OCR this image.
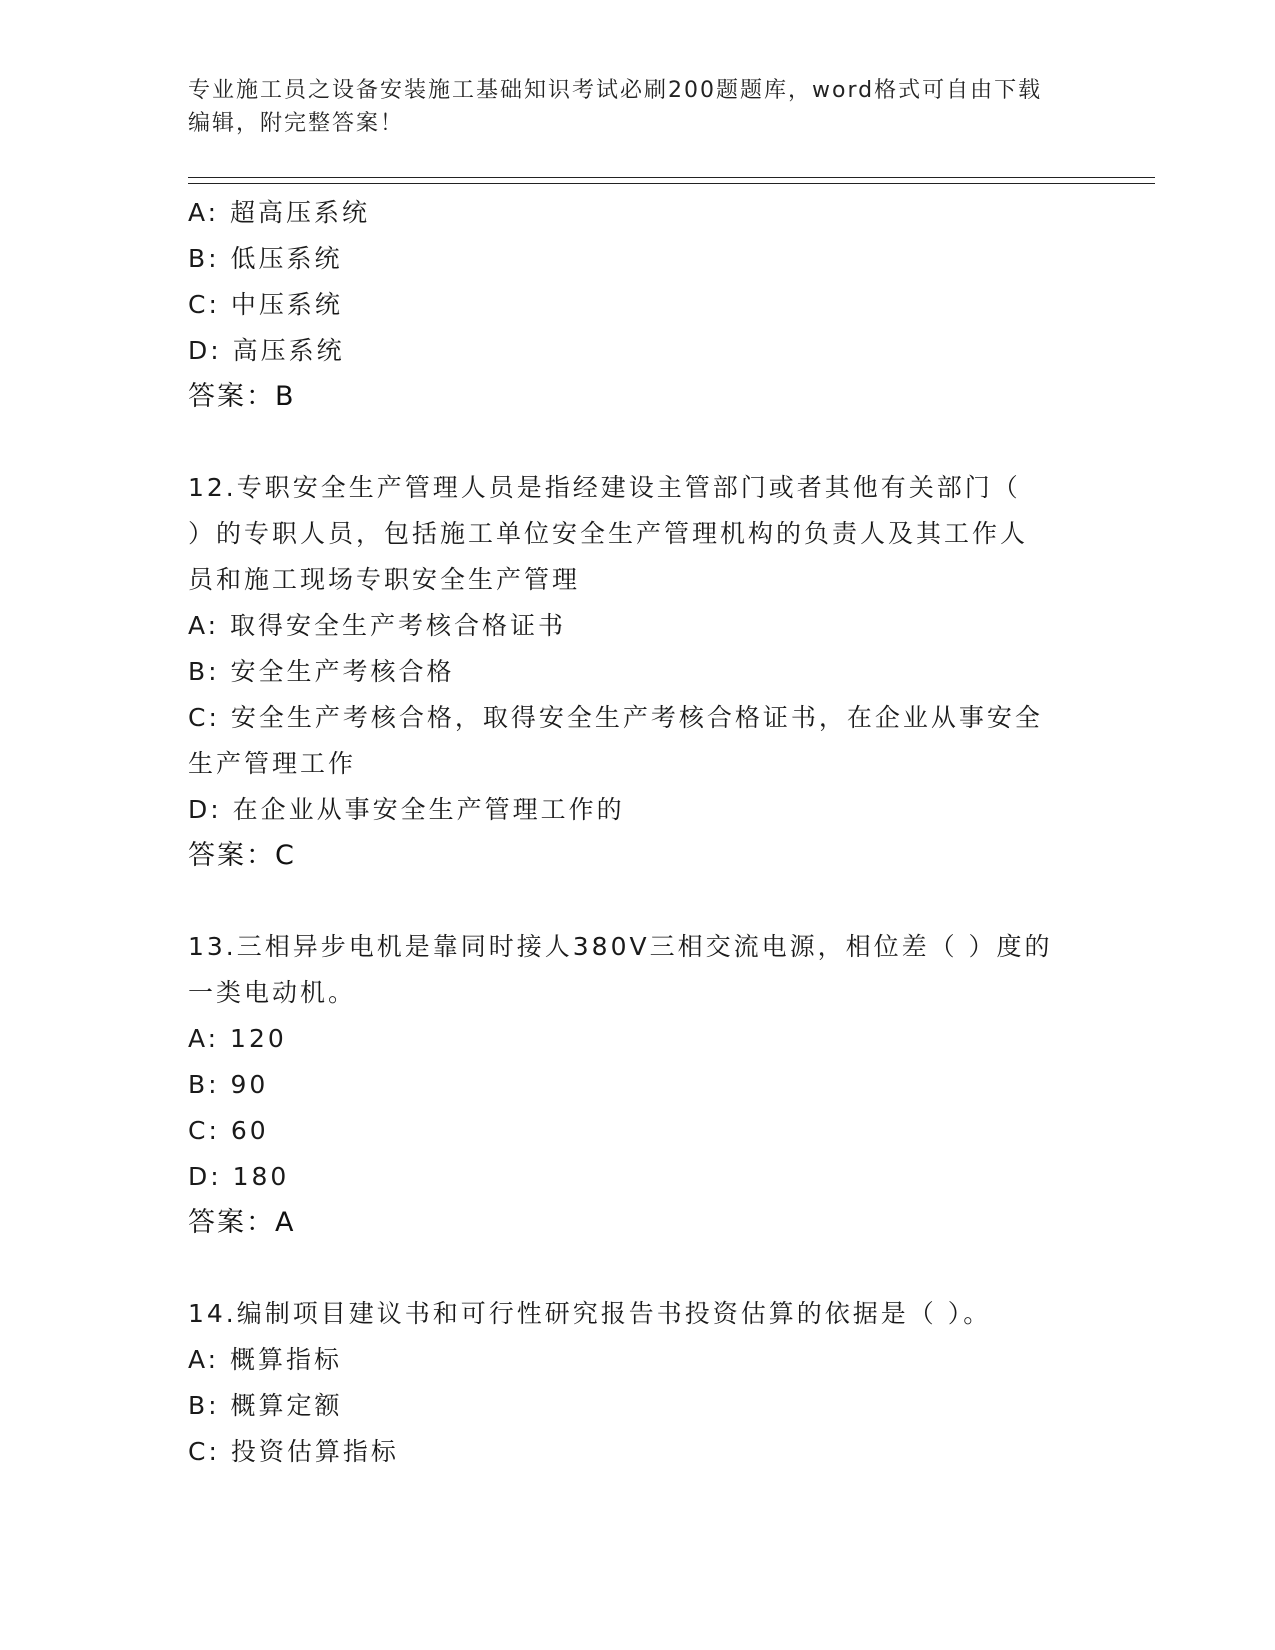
专业施工员之设备安装施工基础知识考试必刷200题题库，word格式可自由下载
编辑，附完整答案！
A: 超高压系统
B: 低压系统
C: 中压系统
D: 高压系统
答案：B
12.专职安全生产管理人员是指经建设主管部门或者其他有关部门（
）的专职人员，包括施工单位安全生产管理机构的负责人及其工作人
员和施工现场专职安全生产管理
A: 取得安全生产考核合格证书
B: 安全生产考核合格
C: 安全生产考核合格，取得安全生产考核合格证书，在企业从事安全
生产管理工作
D: 在企业从事安全生产管理工作的
答案：C
13.三相异步电机是靠同时接人380V三相交流电源，相位差（ ）度的
一类电动机。
A: 120
B: 90
C: 60
D: 180
答案：A
14.编制项目建议书和可行性研究报告书投资估算的依据是（ ）。
A: 概算指标
B: 概算定额
C: 投资估算指标
